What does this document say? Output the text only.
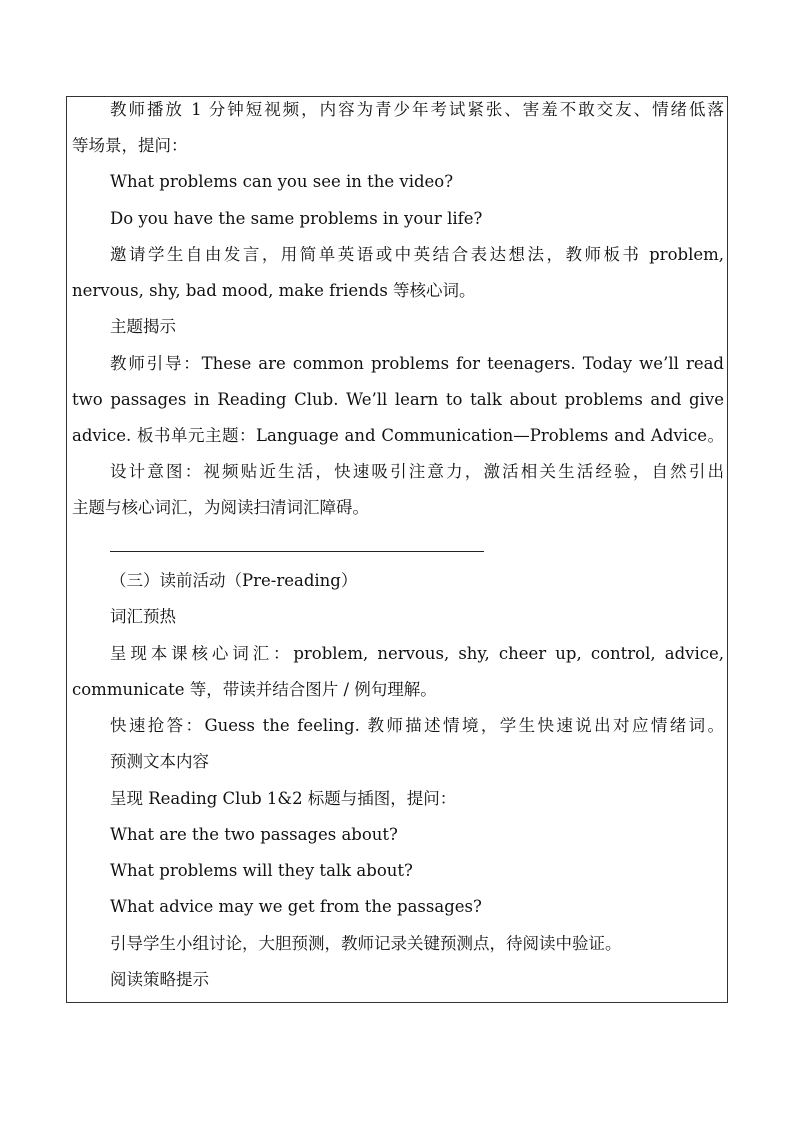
教师播放 1 分钟短视频，内容为青少年考试紧张、害羞不敢交友、情绪低落
等场景，提问：
What problems can you see in the video?
Do you have the same problems in your life?
邀请学生自由发言，用简单英语或中英结合表达想法，教师板书 problem,
nervous, shy, bad mood, make friends 等核心词。
主题揭示
教师引导：These are common problems for teenagers. Today we’ll read
two passages in Reading Club. We’ll learn to talk about problems and give
advice. 板书单元主题：Language and Communication—Problems and Advice。
设计意图：视频贴近生活，快速吸引注意力，激活相关生活经验，自然引出
主题与核心词汇，为阅读扫清词汇障碍。
（三）读前活动（Pre-reading）
词汇预热
呈现本课核心词汇：problem, nervous, shy, cheer up, control, advice,
communicate 等，带读并结合图片 / 例句理解。
快速抢答：Guess the feeling. 教师描述情境，学生快速说出对应情绪词。
预测文本内容
呈现 Reading Club 1&2 标题与插图，提问：
What are the two passages about?
What problems will they talk about?
What advice may we get from the passages?
引导学生小组讨论，大胆预测，教师记录关键预测点，待阅读中验证。
阅读策略提示
